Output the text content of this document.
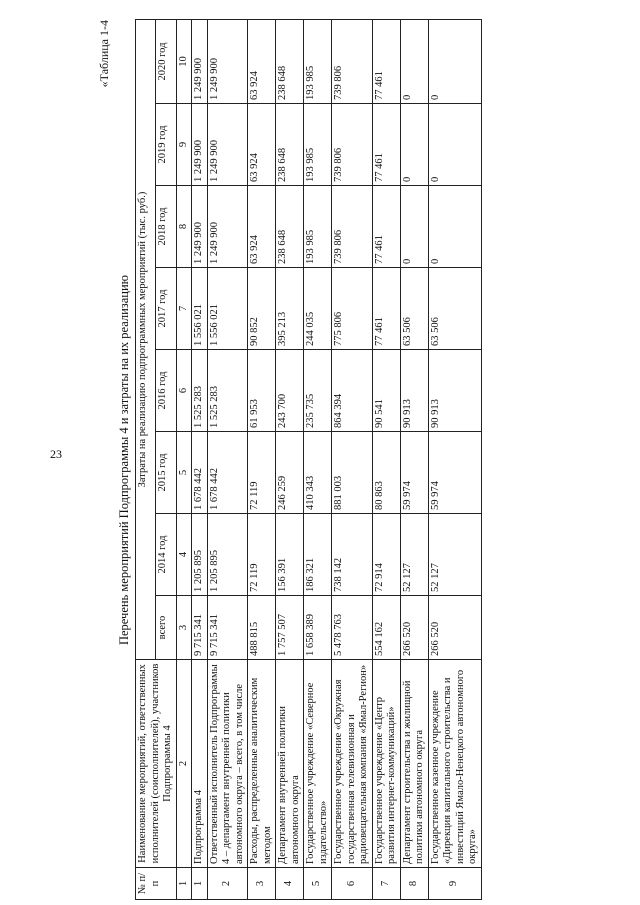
23
«Таблица 1-4
Перечень мероприятий Подпрограммы 4 и затраты на их реализацию
№ п/п	Наименование мероприятий, ответственных исполнителей (соисполнителей), участников Подпрограммы 4	Затраты на реализацию подпрограммных мероприятий (тыс. руб.)							
		всего	2014 год	2015 год	2016 год	2017 год	2018 год	2019 год	2020 год
1	2	3	4	5	6	7	8	9	10
1	Подпрограмма 4	9 715 341	1 205 895	1 678 442	1 525 283	1 556 021	1 249 900	1 249 900	1 249 900
2	Ответственный исполнитель Подпрограммы 4 – департамент внутренней политики автономного округа – всего, в том числе	9 715 341	1 205 895	1 678 442	1 525 283	1 556 021	1 249 900	1 249 900	1 249 900
3	Расходы, распределенные аналитическим методом	488 815	72 119	72 119	61 953	90 852	63 924	63 924	63 924
4	Департамент внутренней политики автономного округа	1 757 507	156 391	246 259	243 700	395 213	238 648	238 648	238 648
5	Государственное учреждение «Северное издательство»	1 658 389	186 321	410 343	235 735	244 035	193 985	193 985	193 985
6	Государственное учреждение «Окружная государственная телевизионная и радиовещательная компания «Ямал-Регион»	5 478 763	738 142	881 003	864 394	775 806	739 806	739 806	739 806
7	Государственное учреждение «Центр развития интернет-коммуникаций»	554 162	72 914	80 863	90 541	77 461	77 461	77 461	77 461
8	Департамент строительства и жилищной политики автономного округа	266 520	52 127	59 974	90 913	63 506	0	0	0
9	Государственное казенное учреждение «Дирекция капитального строительства и инвестиций Ямало-Ненецкого автономного округа»	266 520	52 127	59 974	90 913	63 506	0	0	0
